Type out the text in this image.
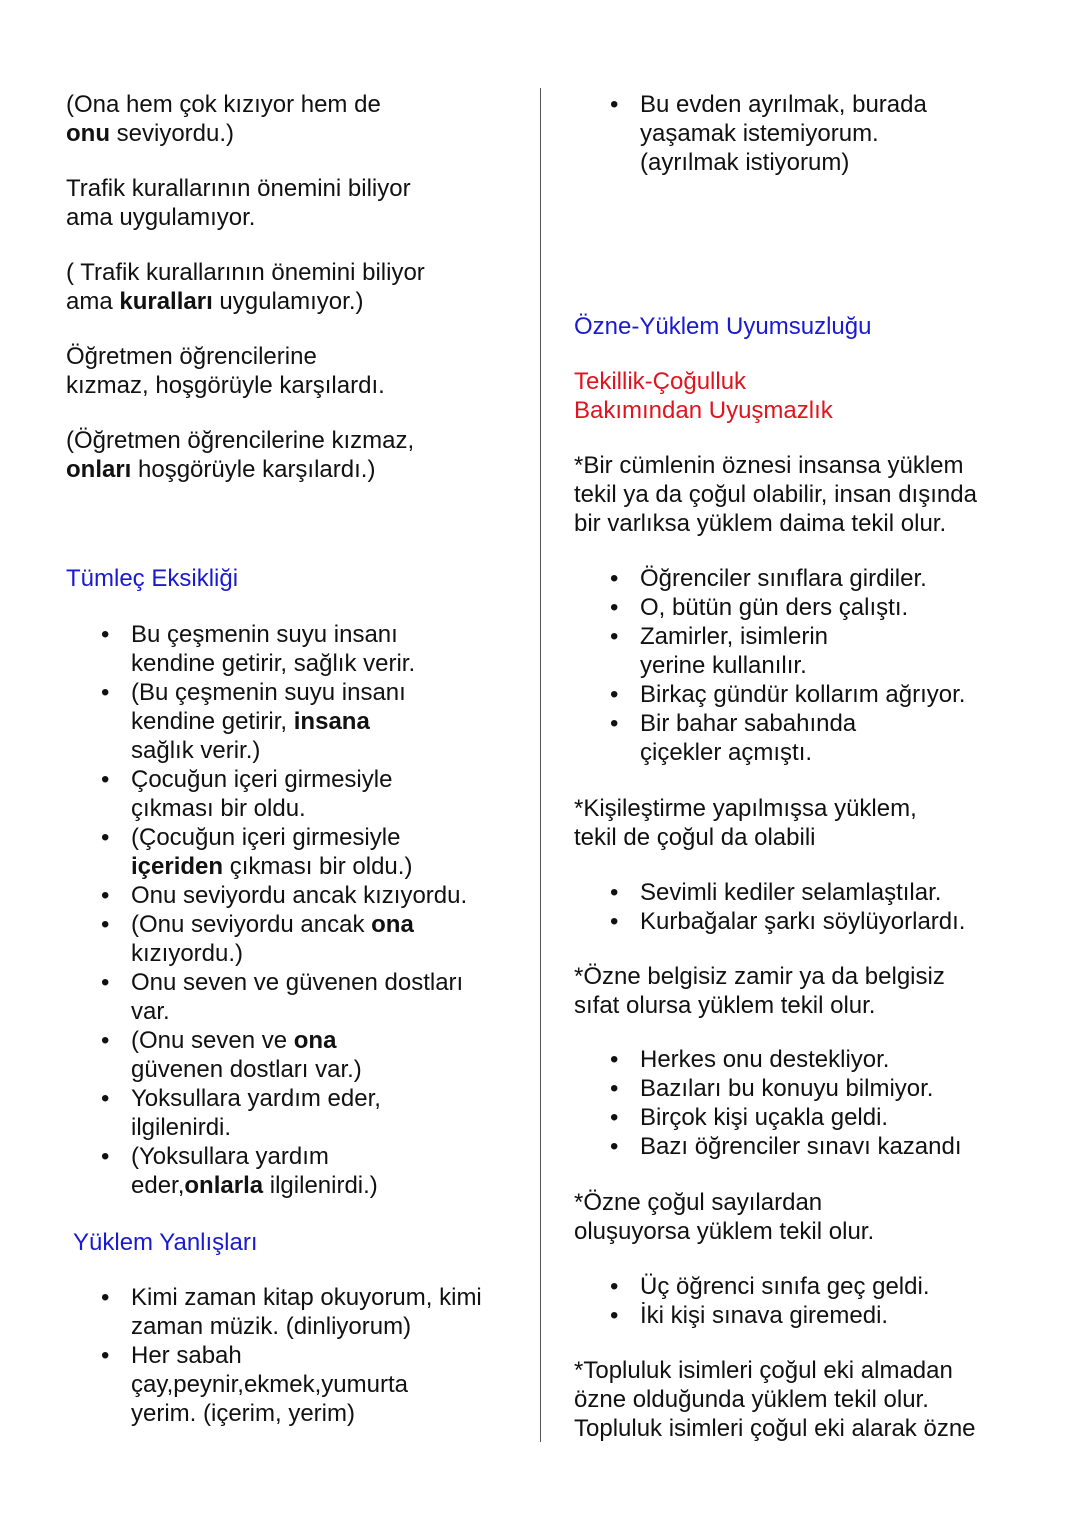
(Ona hem çok kızıyor hem de
onu seviyordu.)
Trafik kurallarının önemini biliyor
ama uygulamıyor.
( Trafik kurallarının önemini biliyor
ama kuralları uygulamıyor.)
Öğretmen öğrencilerine
kızmaz, hoşgörüyle karşılardı.
(Öğretmen öğrencilerine kızmaz,
onları hoşgörüyle karşılardı.)
Tümleç Eksikliği
• Bu çeşmenin suyu insanı
kendine getirir, sağlık verir.
• (Bu çeşmenin suyu insanı
kendine getirir, insana
sağlık verir.)
• Çocuğun içeri girmesiyle
çıkması bir oldu.
• (Çocuğun içeri girmesiyle
içeriden çıkması bir oldu.)
• Onu seviyordu ancak kızıyordu.
• (Onu seviyordu ancak ona
kızıyordu.)
• Onu seven ve güvenen dostları
var.
• (Onu seven ve ona
güvenen dostları var.)
• Yoksullara yardım eder,
ilgilenirdi.
• (Yoksullara yardım
eder,onlarla ilgilenirdi.)
Yüklem Yanlışları
• Kimi zaman kitap okuyorum, kimi
zaman müzik. (dinliyorum)
• Her sabah
çay,peynir,ekmek,yumurta
yerim. (içerim, yerim)
• Bu evden ayrılmak, burada
yaşamak istemiyorum.
(ayrılmak istiyorum)
Özne-Yüklem Uyumsuzluğu
Tekillik-Çoğulluk
Bakımından Uyuşmazlık
*Bir cümlenin öznesi insansa yüklem
tekil ya da çoğul olabilir, insan dışında
bir varlıksa yüklem daima tekil olur.
• Öğrenciler sınıflara girdiler.
• O, bütün gün ders çalıştı.
• Zamirler, isimlerin
yerine kullanılır.
• Birkaç gündür kollarım ağrıyor.
• Bir bahar sabahında
çiçekler açmıştı.
*Kişileştirme yapılmışsa yüklem,
tekil de çoğul da olabili
• Sevimli kediler selamlaştılar.
• Kurbağalar şarkı söylüyorlardı.
*Özne belgisiz zamir ya da belgisiz
sıfat olursa yüklem tekil olur.
• Herkes onu destekliyor.
• Bazıları bu konuyu bilmiyor.
• Birçok kişi uçakla geldi.
• Bazı öğrenciler sınavı kazandı
*Özne çoğul sayılardan
oluşuyorsa yüklem tekil olur.
• Üç öğrenci sınıfa geç geldi.
• İki kişi sınava giremedi.
*Topluluk isimleri çoğul eki almadan
özne olduğunda yüklem tekil olur.
Topluluk isimleri çoğul eki alarak özne
